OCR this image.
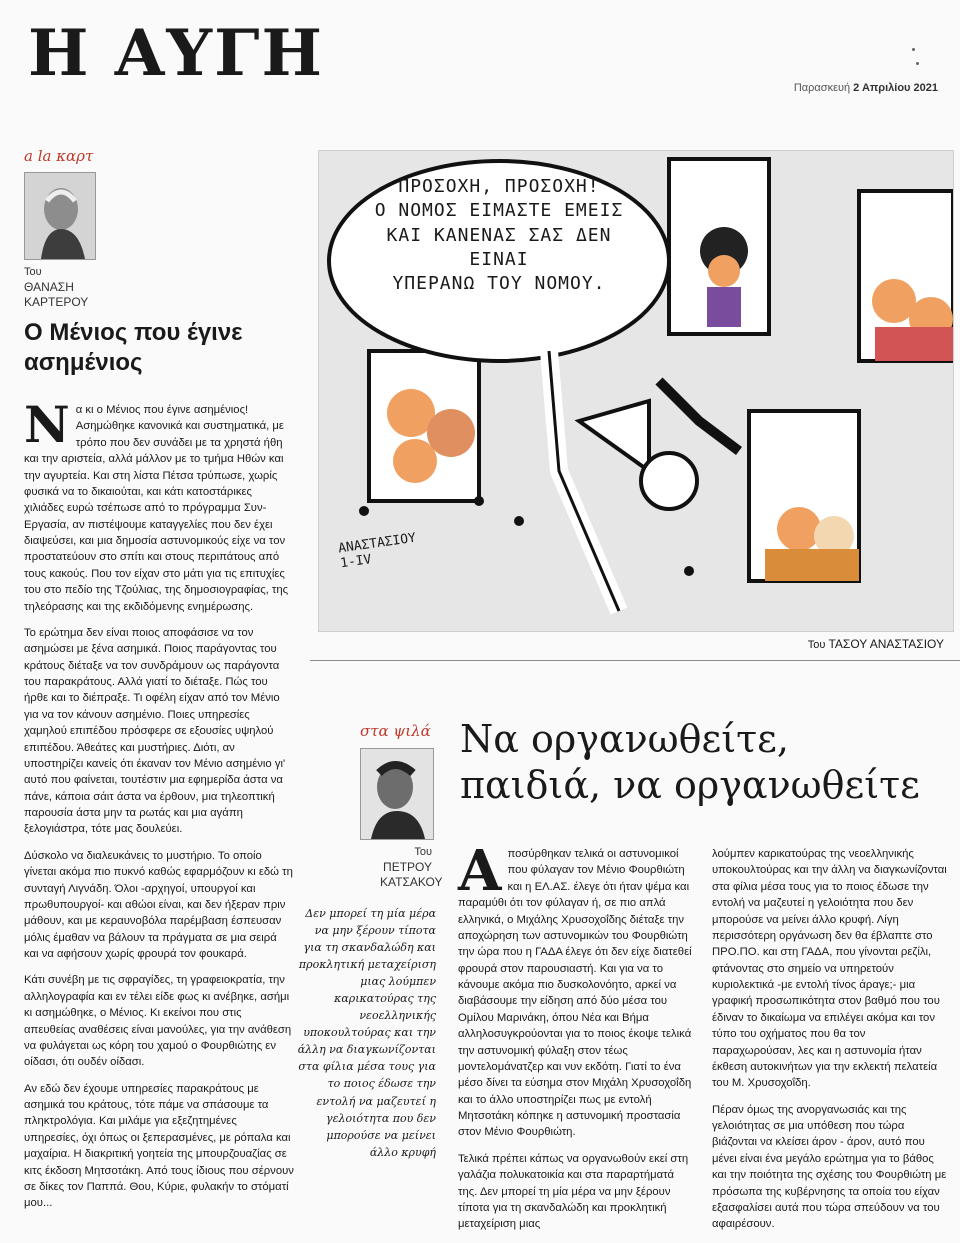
Η ΑΥΓΗ	Παρασκευή 2 Απριλίου 2021
a la καρτ
Του
ΘΑΝΑΣΗ ΚΑΡΤΕΡΟΥ
Ο Μένιος που έγινε ασημένιος

Να κι ο Μένιος που έγινε ασημένιος! Ασημώθηκε κανονικά και συστηματικά, με τρόπο που δεν συνάδει με τα χρηστά ήθη και την αριστεία, αλλά μάλλον με το τμήμα Ηθών και την αγυρτεία. Και στη λίστα Πέτσα τρύπωσε, χωρίς φυσικά να το δικαιούται, και κάτι κατοστάρικες χιλιάδες ευρώ τσέπωσε από το πρόγραμμα Συν-Εργασία, αν πιστέψουμε καταγγελίες που δεν έχει διαψεύσει, και μια δημοσία αστυνομικούς είχε να τον προστατεύουν στο σπίτι και στους περιπάτους από τους κακούς. Που τον είχαν στο μάτι για τις επιτυχίες του στο πεδίο της Τζούλιας, της δημοσιογραφίας, της τηλεόρασης και της εκδιδόμενης ενημέρωσης.

Το ερώτημα δεν είναι ποιος αποφάσισε να τον ασημώσει με ξένα ασημικά. Ποιος παράγοντας του κράτους διέταξε να τον συνδράμουν ως παράγοντα του παρακράτους. Αλλά γιατί το διέταξε. Πώς του ήρθε και το διέπραξε. Τι οφέλη είχαν από τον Μένιο για να τον κάνουν ασημένιο. Ποιες υπηρεσίες χαμηλού επιπέδου πρόσφερε σε εξουσίες υψηλού επιπέδου. Άθεάτες και μυστήριες. Διότι, αν υποστηρίζει κανείς ότι έκαναν τον Μένιο ασημένιο γι' αυτό που φαίνεται, τουτέστιν μια εφημερίδα άστα να πάνε, κάποια σάιτ άστα να έρθουν, μια τηλεοπτική παρουσία άστα μην τα ρωτάς και μια αγάπη ξελογιάστρα, τότε μας δουλεύει.

Δύσκολο να διαλευκάνεις το μυστήριο. Το οποίο γίνεται ακόμα πιο πυκνό καθώς εφαρμόζουν κι εδώ τη συνταγή Λιγνάδη. Όλοι -αρχηγοί, υπουργοί και πρωθυπουργοί- και αθώοι είναι, και δεν ήξεραν πριν μάθουν, και με κεραυνοβόλα παρέμβαση έσπευσαν μόλις έμαθαν να βάλουν τα πράγματα σε μια σειρά και να αφήσουν χωρίς φρουρά τον φουκαρά.

Κάτι συνέβη με τις σφραγίδες, τη γραφειοκρατία, την αλληλογραφία και εν τέλει είδε φως κι ανέβηκε, ασήμι κι ασημώθηκε, ο Μένιος. Κι εκείνοι που στις απευθείας αναθέσεις είναι μανούλες, για την ανάθεση να φυλάγεται ως κόρη του χαμού ο Φουρθιώτης εν οίδασι, ότι ουδέν οίδασι.

Αν εδώ δεν έχουμε υπηρεσίες παρακράτους με ασημικά του κράτους, τότε πάμε να σπάσουμε τα πληκτρολόγια. Και μιλάμε για εξεζητημένες υπηρεσίες, όχι όπως οι ξεπερασμένες, με ρόπαλα και μαχαίρια. Η διακριτική γοητεία της μπουρζουαζίας σε κιτς έκδοση Μητσοτάκη. Από τους ίδιους που σέρνουν σε δίκες τον Παππά. Θου, Κύριε, φυλακήν το στόματί μου...

ΠΡΟΣΟΧΗ, ΠΡΟΣΟΧΗ!
Ο ΝΟΜΟΣ ΕΙΜΑΣΤΕ ΕΜΕΙΣ
ΚΑΙ ΚΑΝΕΝΑΣ ΣΑΣ ΔΕΝ ΕΙΝΑΙ
ΥΠΕΡΑΝΩ ΤΟΥ ΝΟΜΟΥ.
ΑΝΑΣΤΑΣΙΟΥ
1-IV
Του ΤΑΣΟΥ ΑΝΑΣΤΑΣΙΟΥ
στα ψιλά
Του
ΠΕΤΡΟΥ ΚΑΤΣΑΚΟΥ
Να οργανωθείτε, παιδιά, να οργανωθείτε
Δεν μπορεί τη μία μέρα να μην ξέρουν τίποτα για τη σκανδαλώδη και προκλητική μεταχείριση μιας λούμπεν καρικατούρας της νεοελληνικής υποκουλτούρας και την άλλη να διαγκωνίζονται στα φίλια μέσα τους για το ποιος έδωσε την εντολή να μαζευτεί η γελοιότητα που δεν μπορούσε να μείνει άλλο κρυφή

Αποσύρθηκαν τελικά οι αστυνομικοί που φύλαγαν τον Μένιο Φουρθιώτη και η ΕΛ.ΑΣ. έλεγε ότι ήταν ψέμα και παραμύθι ότι τον φύλαγαν ή, σε πιο απλά ελληνικά, ο Μιχάλης Χρυσοχοΐδης διέταξε την αποχώρηση των αστυνομικών του Φουρθιώτη την ώρα που η ΓΑΔΑ έλεγε ότι δεν είχε διατεθεί φρουρά στον παρουσιαστή. Και για να το κάνουμε ακόμα πιο δυσκολονόητο, αρκεί να διαβάσουμε την είδηση από δύο μέσα του Ομίλου Μαρινάκη, όπου Νέα και Βήμα αλληλοσυγκρούονται για το ποιος έκοψε τελικά την αστυνομική φύλαξη στον τέως μοντελομάνατζερ και νυν εκδότη. Γιατί το ένα μέσο δίνει τα εύσημα στον Μιχάλη Χρυσοχοΐδη και το άλλο υποστηρίζει πως με εντολή Μητσοτάκη κόπηκε η αστυνομική προστασία στον Μένιο Φουρθιώτη.

Τελικά πρέπει κάπως να οργανωθούν εκεί στη γαλάζια πολυκατοικία και στα παραρτήματά της. Δεν μπορεί τη μία μέρα να μην ξέρουν τίποτα για τη σκανδαλώδη και προκλητική μεταχείριση μιας

λούμπεν καρικατούρας της νεοελληνικής υποκουλτούρας και την άλλη να διαγκωνίζονται στα φίλια μέσα τους για το ποιος έδωσε την εντολή να μαζευτεί η γελοιότητα που δεν μπορούσε να μείνει άλλο κρυφή. Λίγη περισσότερη οργάνωση δεν θα έβλαπτε στο ΠΡΟ.ΠΟ. και στη ΓΑΔΑ, που γίνονται ρεζίλι, φτάνοντας στο σημείο να υπηρετούν κυριολεκτικά -με εντολή τίνος άραγε;- μια γραφική προσωπικότητα στον βαθμό που του έδιναν το δικαίωμα να επιλέγει ακόμα και τον τύπο του οχήματος που θα τον παραχωρούσαν, λες και η αστυνομία ήταν έκθεση αυτοκινήτων για την εκλεκτή πελατεία του Μ. Χρυσοχοΐδη.

Πέραν όμως της ανοργανωσιάς και της γελοιότητας σε μια υπόθεση που τώρα βιάζονται να κλείσει άρον - άρον, αυτό που μένει είναι ένα μεγάλο ερώτημα για το βάθος και την ποιότητα της σχέσης του Φουρθιώτη με πρόσωπα της κυβέρνησης τα οποία του είχαν εξασφαλίσει αυτά που τώρα σπεύδουν να του αφαιρέσουν.
